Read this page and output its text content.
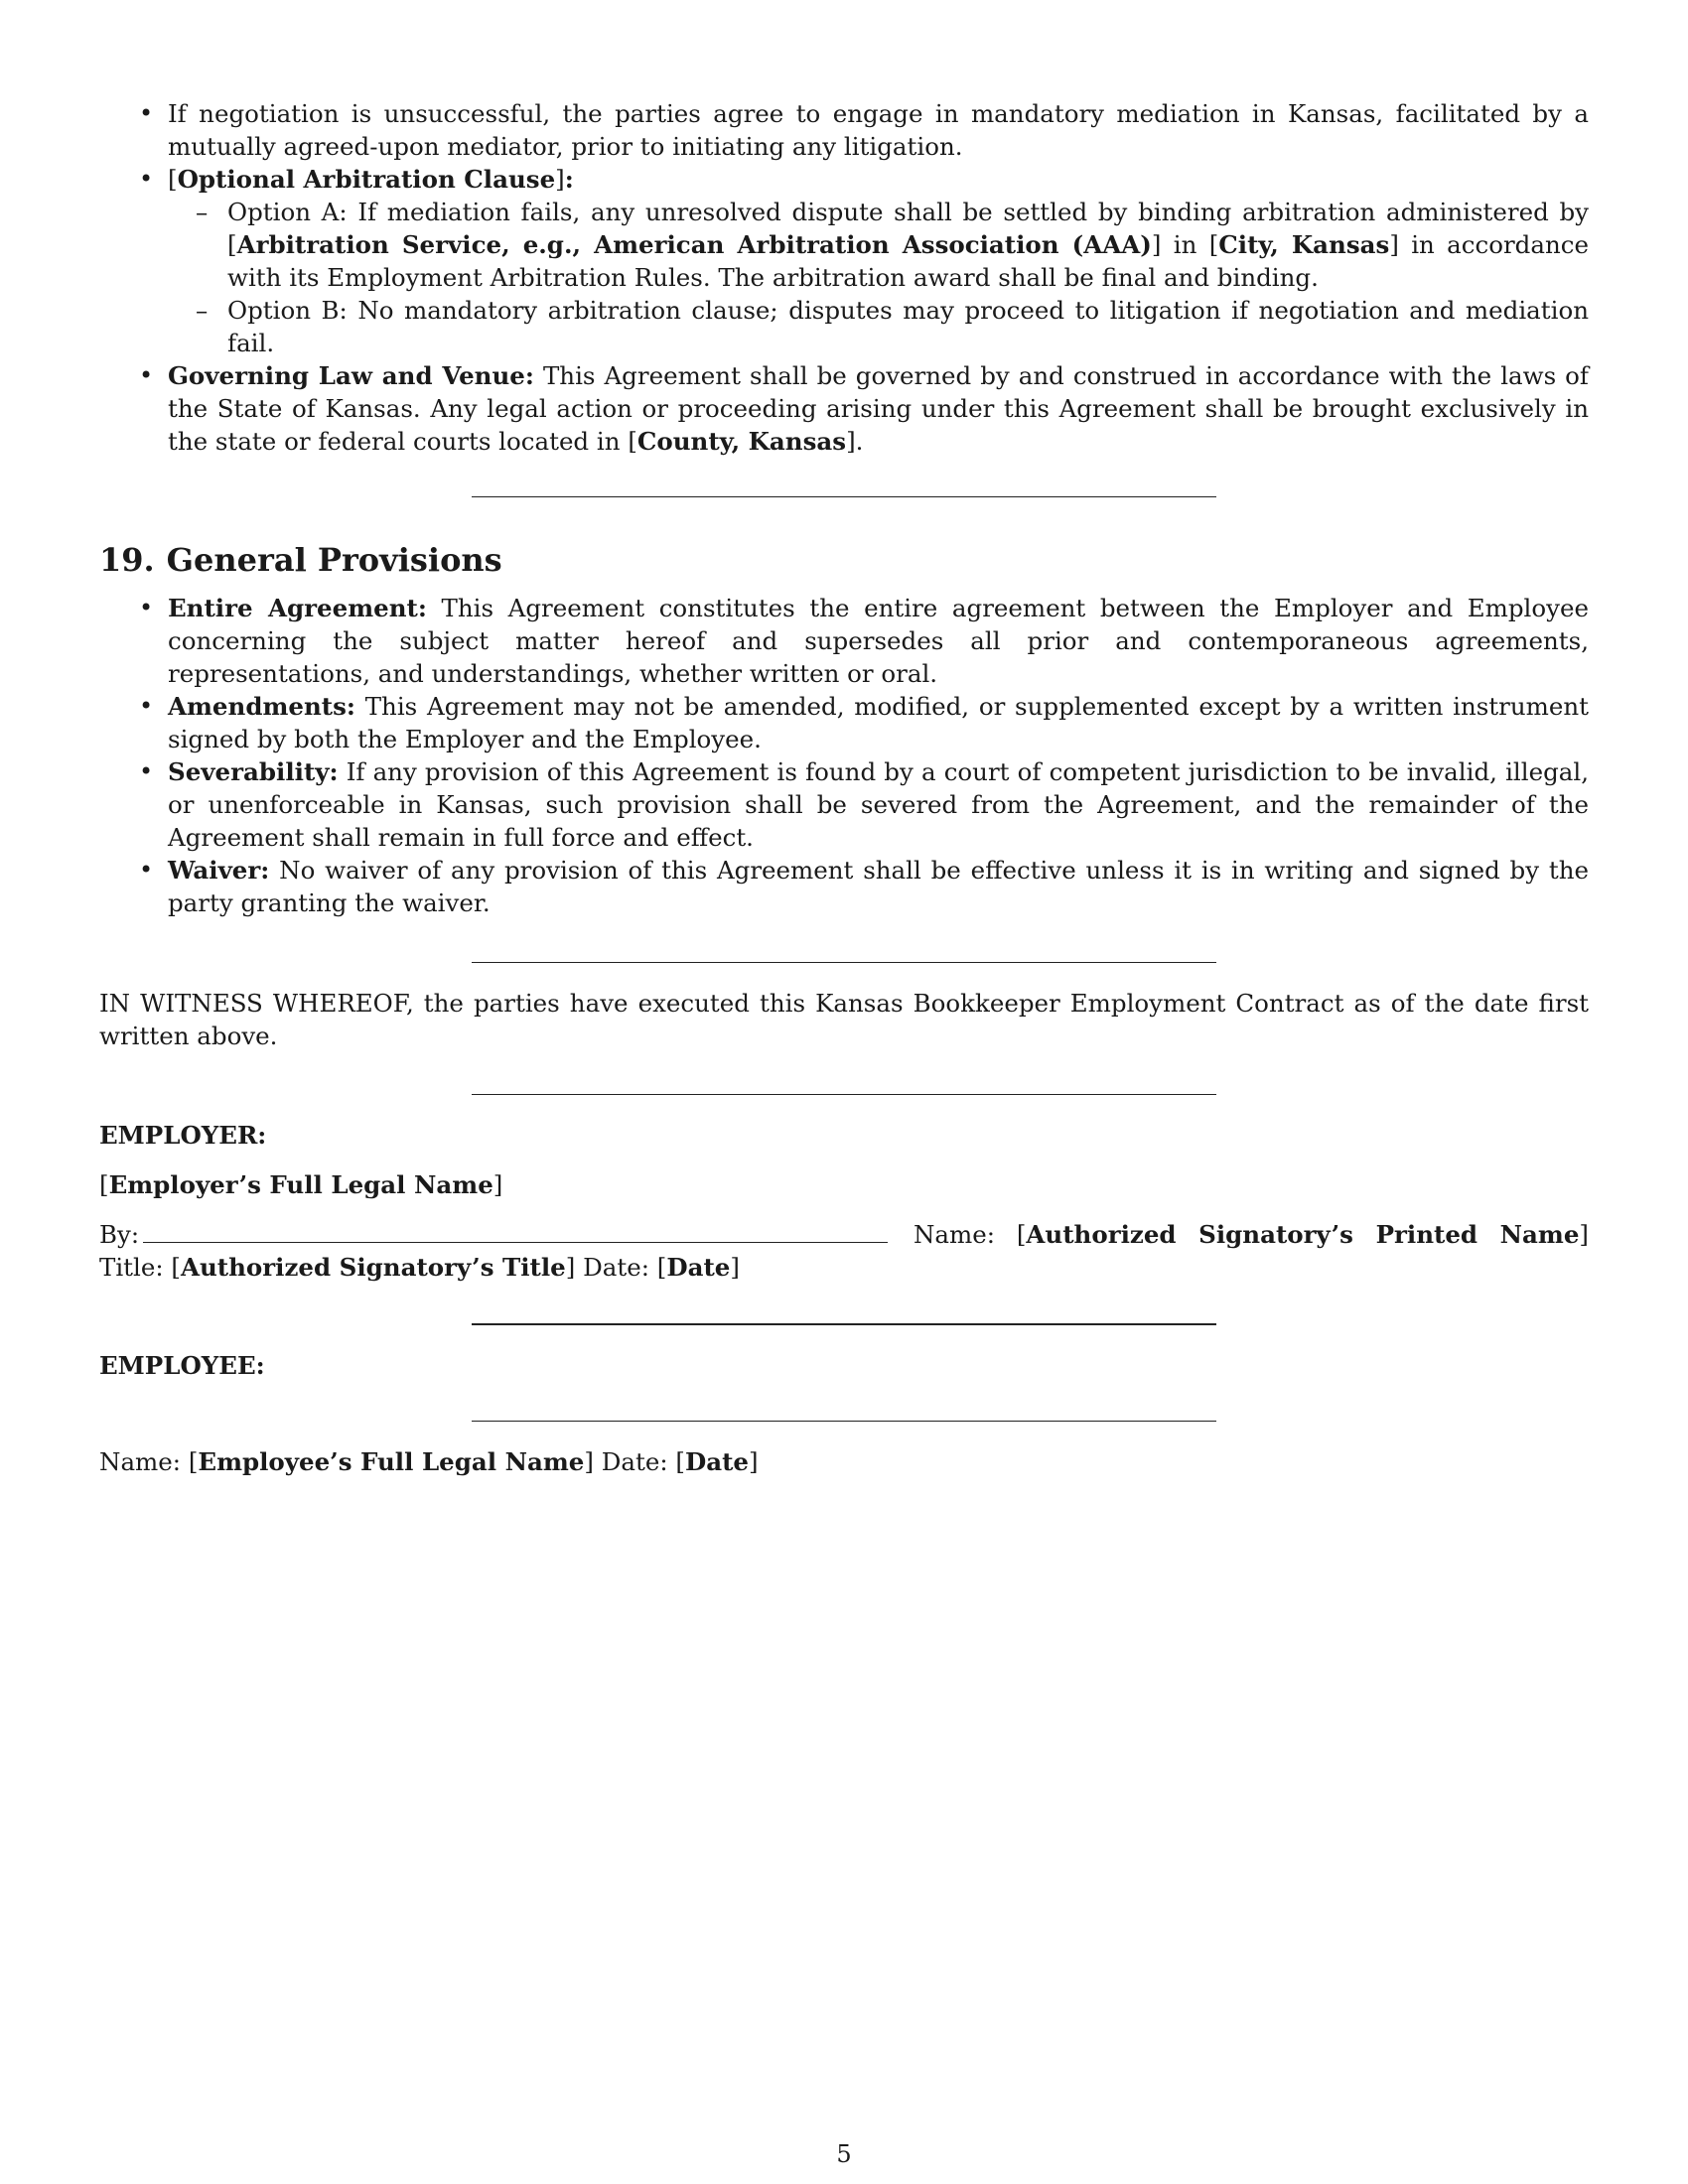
• If negotiation is unsuccessful, the parties agree to engage in mandatory mediation in Kansas, facilitated by a mutually agreed-upon mediator, prior to initiating any litigation.
• [Optional Arbitration Clause]:
– Option A: If mediation fails, any unresolved dispute shall be settled by binding arbitration administered by [Arbitration Service, e.g., American Arbitration Association (AAA)] in [City, Kansas] in accordance with its Employment Arbitration Rules. The arbitration award shall be final and binding.
– Option B: No mandatory arbitration clause; disputes may proceed to litigation if negotiation and mediation fail.
• Governing Law and Venue: This Agreement shall be governed by and construed in accordance with the laws of the State of Kansas. Any legal action or proceeding arising under this Agreement shall be brought exclusively in the state or federal courts located in [County, Kansas].
19. General Provisions
• Entire Agreement: This Agreement constitutes the entire agreement between the Employer and Employee concerning the subject matter hereof and supersedes all prior and contemporaneous agreements, representations, and understandings, whether written or oral.
• Amendments: This Agreement may not be amended, modified, or supplemented except by a written instrument signed by both the Employer and the Employee.
• Severability: If any provision of this Agreement is found by a court of competent jurisdiction to be invalid, illegal, or unenforceable in Kansas, such provision shall be severed from the Agreement, and the remainder of the Agreement shall remain in full force and effect.
• Waiver: No waiver of any provision of this Agreement shall be effective unless it is in writing and signed by the party granting the waiver.

IN WITNESS WHEREOF, the parties have executed this Kansas Bookkeeper Employment Contract as of the date first written above.

EMPLOYER:
[Employer’s Full Legal Name]
By:	Name: [Authorized Signatory’s Printed Name] Title: [Authorized Signatory’s Title] Date: [Date]
EMPLOYEE:
Name: [Employee’s Full Legal Name] Date: [Date]
5
